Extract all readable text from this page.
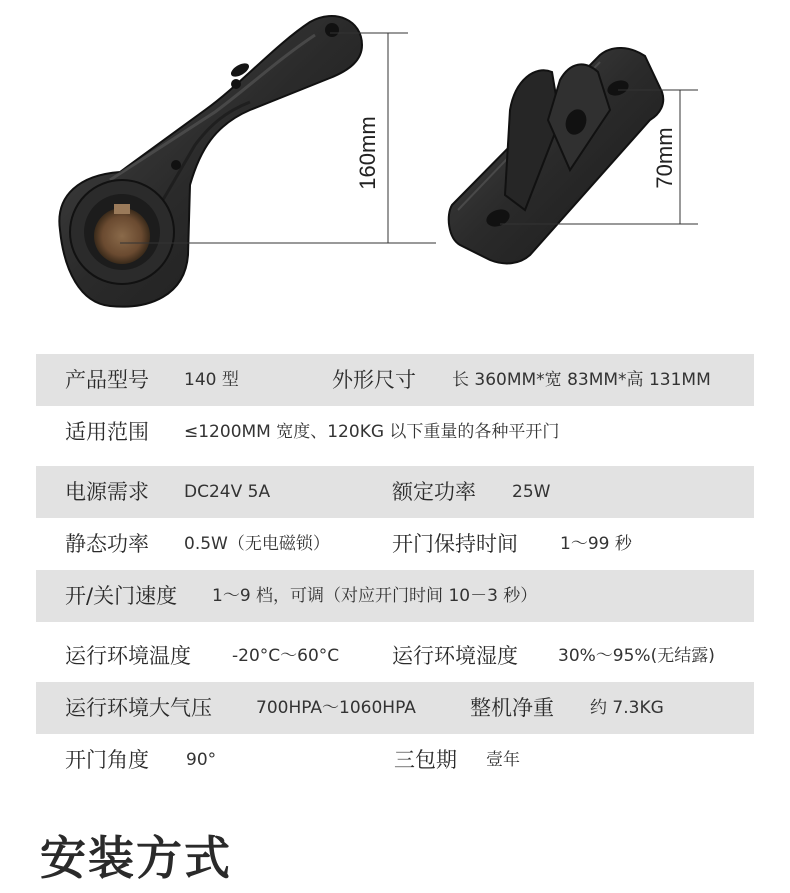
160mm	70mm
产品型号 140 型	外形尺寸 长 360MM*宽 83MM*高 131MM
适用范围 ≤1200MM 宽度、120KG 以下重量的各种平开门
电源需求 DC24V 5A	额定功率 25W
静态功率 0.5W（无电磁锁）	开门保持时间 1～99 秒
开/关门速度 1～9 档，可调（对应开门时间 10－3 秒）
运行环境温度 -20°C～60°C	运行环境湿度 30%～95%(无结露)
运行环境大气压	700HPA～1060HPA	整机净重 约 7.3KG
开门角度 90°	三包期 壹年
安装方式
